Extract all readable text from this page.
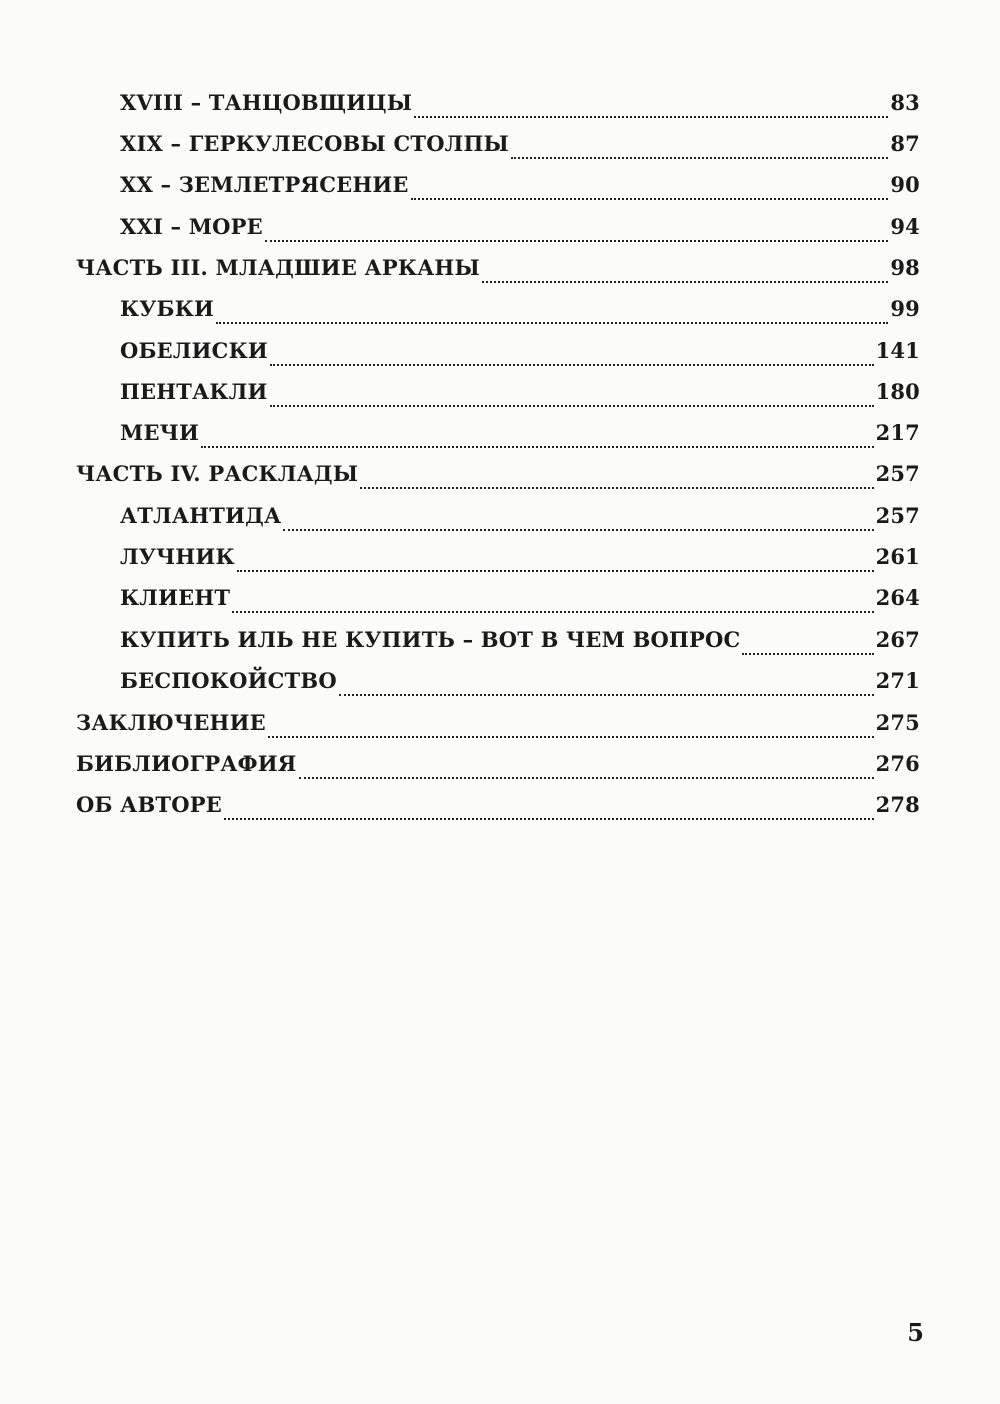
XVIII – ТАНЦОВЩИЦЫ	83
XIX – ГЕРКУЛЕСОВЫ СТОЛПЫ	87
XX – ЗЕМЛЕТРЯСЕНИЕ	90
XXI – МОРЕ	94
ЧАСТЬ III. МЛАДШИЕ АРКАНЫ	98
КУБКИ	99
ОБЕЛИСКИ	141
ПЕНТАКЛИ	180
МЕЧИ	217
ЧАСТЬ IV. РАСКЛАДЫ	257
АТЛАНТИДА	257
ЛУЧНИК	261
КЛИЕНТ	264
КУПИТЬ ИЛЬ НЕ КУПИТЬ – ВОТ В ЧЕМ ВОПРОС	267
БЕСПОКОЙСТВО	271
ЗАКЛЮЧЕНИЕ	275
БИБЛИОГРАФИЯ	276
ОБ АВТОРЕ	278
5
